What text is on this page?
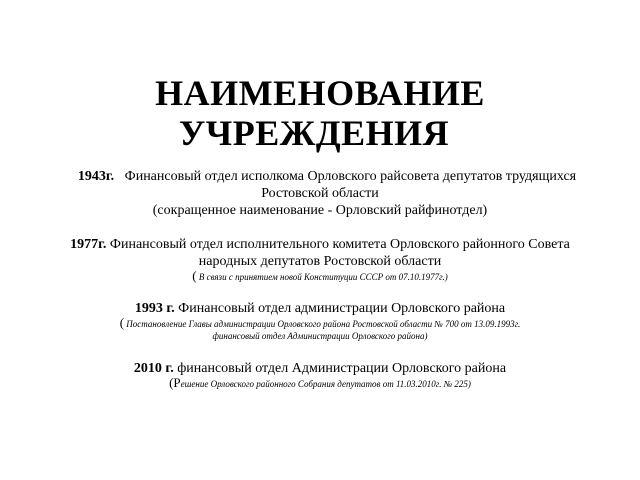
НАИМЕНОВАНИЕ
УЧРЕЖДЕНИЯ
1943г. Финансовый отдел исполкома Орловского райсовета депутатов трудящихся
Ростовской области
(сокращенное наименование - Орловский райфинотдел)
1977г. Финансовый отдел исполнительного комитета Орловского районного Совета
народных депутатов Ростовской области
( В связи с принятием новой Конституции СССР от 07.10.1977г.)
1993 г. Финансовый отдел администрации Орловского района
( Постановление Главы администрации Орловского района Ростовской области № 700 от 13.09.1993г.
финансовый отдел Администрации Орловского района)
2010 г. финансовый отдел Администрации Орловского района
(Решение Орловского районного Собрания депутатов от 11.03.2010г. № 225)
